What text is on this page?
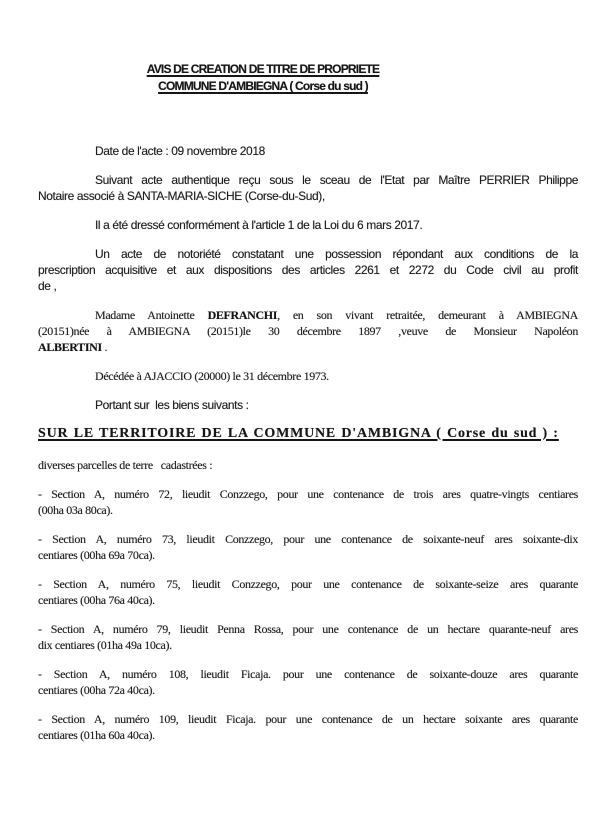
AVIS DE CREATION DE TITRE DE PROPRIETE
COMMUNE D'AMBIEGNA ( Corse du sud )

Date de l'acte : 09 novembre 2018

Suivant acte authentique reçu sous le sceau de l'Etat par Maître PERRIER Philippe
Notaire associé à SANTA-MARIA-SICHE (Corse-du-Sud),

Il a été dressé conformément à l'article 1 de la Loi du 6 mars 2017.

Un acte de notoriété constatant une possession répondant aux conditions de la
prescription acquisitive et aux dispositions des articles 2261 et 2272 du Code civil au profit
de ,

Madame Antoinette DEFRANCHI, en son vivant retraitée, demeurant à AMBIEGNA
(20151)née à AMBIEGNA (20151)le 30 décembre 1897 ,veuve de Monsieur Napoléon
ALBERTINI .

Décédée à AJACCIO (20000) le 31 décembre 1973.

Portant sur  les biens suivants :

SUR LE TERRITOIRE DE LA COMMUNE D'AMBIGNA ( Corse du sud ) :

diverses parcelles de terre   cadastrées :

- Section A, numéro 72, lieudit Conzzego, pour une contenance de trois ares quatre-vingts centiares
(00ha 03a 80ca).

- Section A, numéro 73, lieudit Conzzego, pour une contenance de soixante-neuf ares soixante-dix
centiares (00ha 69a 70ca).

- Section A, numéro 75, lieudit Conzzego, pour une contenance de soixante-seize ares quarante
centiares (00ha 76a 40ca).

- Section A, numéro 79, lieudit Penna Rossa, pour une contenance de un hectare quarante-neuf ares
dix centiares (01ha 49a 10ca).

- Section A, numéro 108, lieudit Ficaja. pour une contenance de soixante-douze ares quarante
centiares (00ha 72a 40ca).

- Section A, numéro 109, lieudit Ficaja. pour une contenance de un hectare soixante ares quarante
centiares (01ha 60a 40ca).
